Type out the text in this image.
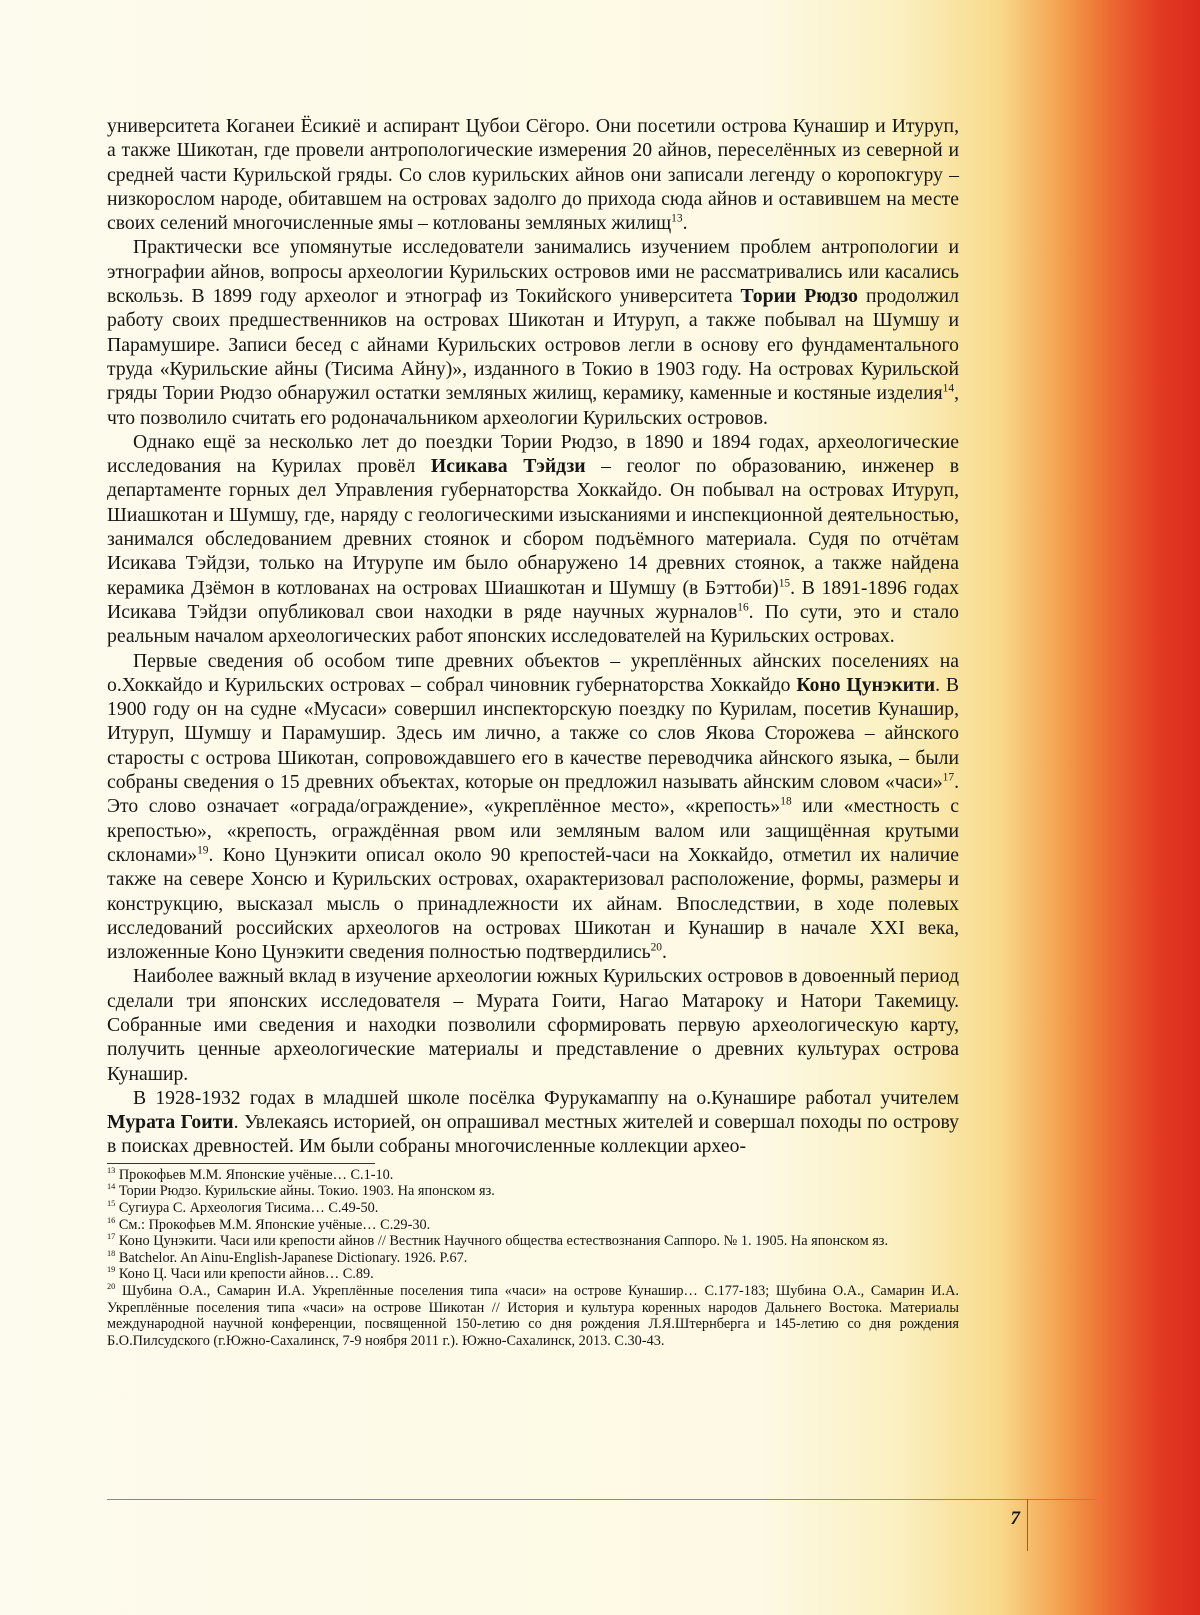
университета Коганеи Ёсикиё и аспирант Цубои Сёгоро. Они посетили острова Кунашир и Итуруп, а также Шикотан, где провели антропологические измерения 20 айнов, переселённых из северной и средней части Курильской гряды. Со слов курильских айнов они записали легенду о коропокгуру – низкорослом народе, обитавшем на островах задолго до прихода сюда айнов и оставившем на месте своих селений многочисленные ямы – котлованы земляных жилищ$^{13}$.

Практически все упомянутые исследователи занимались изучением проблем антропологии и этнографии айнов, вопросы археологии Курильских островов ими не рассматривались или касались вскользь. В 1899 году археолог и этнограф из Токийского университета Тории Рюдзо продолжил работу своих предшественников на островах Шикотан и Итуруп, а также побывал на Шумшу и Парамушире. Записи бесед с айнами Курильских островов легли в основу его фундаментального труда «Курильские айны (Тисима Айну)», изданного в Токио в 1903 году. На островах Курильской гряды Тории Рюдзо обнаружил остатки земляных жилищ, керамику, каменные и костяные изделия$^{14}$, что позволило считать его родоначальником археологии Курильских островов.

Однако ещё за несколько лет до поездки Тории Рюдзо, в 1890 и 1894 годах, археологические исследования на Курилах провёл Исикава Тэйдзи – геолог по образованию, инженер в департаменте горных дел Управления губернаторства Хоккайдо. Он побывал на островах Итуруп, Шиашкотан и Шумшу, где, наряду с геологическими изысканиями и инспекционной деятельностью, занимался обследованием древних стоянок и сбором подъёмного материала. Судя по отчётам Исикава Тэйдзи, только на Итурупе им было обнаружено 14 древних стоянок, а также найдена керамика Дзёмон в котлованах на островах Шиашкотан и Шумшу (в Бэттоби)$^{15}$. В 1891-1896 годах Исикава Тэйдзи опубликовал свои находки в ряде научных журналов$^{16}$. По сути, это и стало реальным началом археологических работ японских исследователей на Курильских островах.

Первые сведения об особом типе древних объектов – укреплённых айнских поселениях на о.Хоккайдо и Курильских островах – собрал чиновник губернаторства Хоккайдо Коно Цунэкити. В 1900 году он на судне «Мусаси» совершил инспекторскую поездку по Курилам, посетив Кунашир, Итуруп, Шумшу и Парамушир. Здесь им лично, а также со слов Якова Сторожева – айнского старосты с острова Шикотан, сопровождавшего его в качестве переводчика айнского языка, – были собраны сведения о 15 древних объектах, которые он предложил называть айнским словом «часи»$^{17}$. Это слово означает «ограда/ограждение», «укреплённое место», «крепость»$^{18}$ или «местность с крепостью», «крепость, ограждённая рвом или земляным валом или защищённая крутыми склонами»$^{19}$. Коно Цунэкити описал около 90 крепостей-часи на Хоккайдо, отметил их наличие также на севере Хонсю и Курильских островах, охарактеризовал расположение, формы, размеры и конструкцию, высказал мысль о принадлежности их айнам. Впоследствии, в ходе полевых исследований российских археологов на островах Шикотан и Кунашир в начале XXI века, изложенные Коно Цунэкити сведения полностью подтвердились$^{20}$.

Наиболее важный вклад в изучение археологии южных Курильских островов в довоенный период сделали три японских исследователя – Мурата Гоити, Нагао Матароку и Натори Такемицу. Собранные ими сведения и находки позволили сформировать первую археологическую карту, получить ценные археологические материалы и представление о древних культурах острова Кунашир.

В 1928-1932 годах в младшей школе посёлка Фурукамаппу на о.Кунашире работал учителем Мурата Гоити. Увлекаясь историей, он опрашивал местных жителей и совершал походы по острову в поисках древностей. Им были собраны многочисленные коллекции архео-

$^{13}$ Прокофьев М.М. Японские учёные… С.1-10.

$^{14}$ Тории Рюдзо. Курильские айны. Токио. 1903. На японском яз.

$^{15}$ Сугиура С. Археология Тисима… С.49-50.

$^{16}$ См.: Прокофьев М.М. Японские учёные… С.29-30.

$^{17}$ Коно Цунэкити. Часи или крепости айнов // Вестник Научного общества естествознания Саппоро. № 1. 1905. На японском яз.

$^{18}$ Batchelor. An Ainu-English-Japanese Dictionary. 1926. P.67.

$^{19}$ Коно Ц. Часи или крепости айнов… С.89.

$^{20}$ Шубина О.А., Самарин И.А. Укреплённые поселения типа «часи» на острове Кунашир… С.177-183; Шубина О.А., Самарин И.А. Укреплённые поселения типа «часи» на острове Шикотан // История и культура коренных народов Дальнего Востока. Материалы международной научной конференции, посвященной 150-летию со дня рождения Л.Я.Штернберга и 145-летию со дня рождения Б.О.Пилсудского (г.Южно-Сахалинск, 7-9 ноября 2011 г.). Южно-Сахалинск, 2013. С.30-43.

7
